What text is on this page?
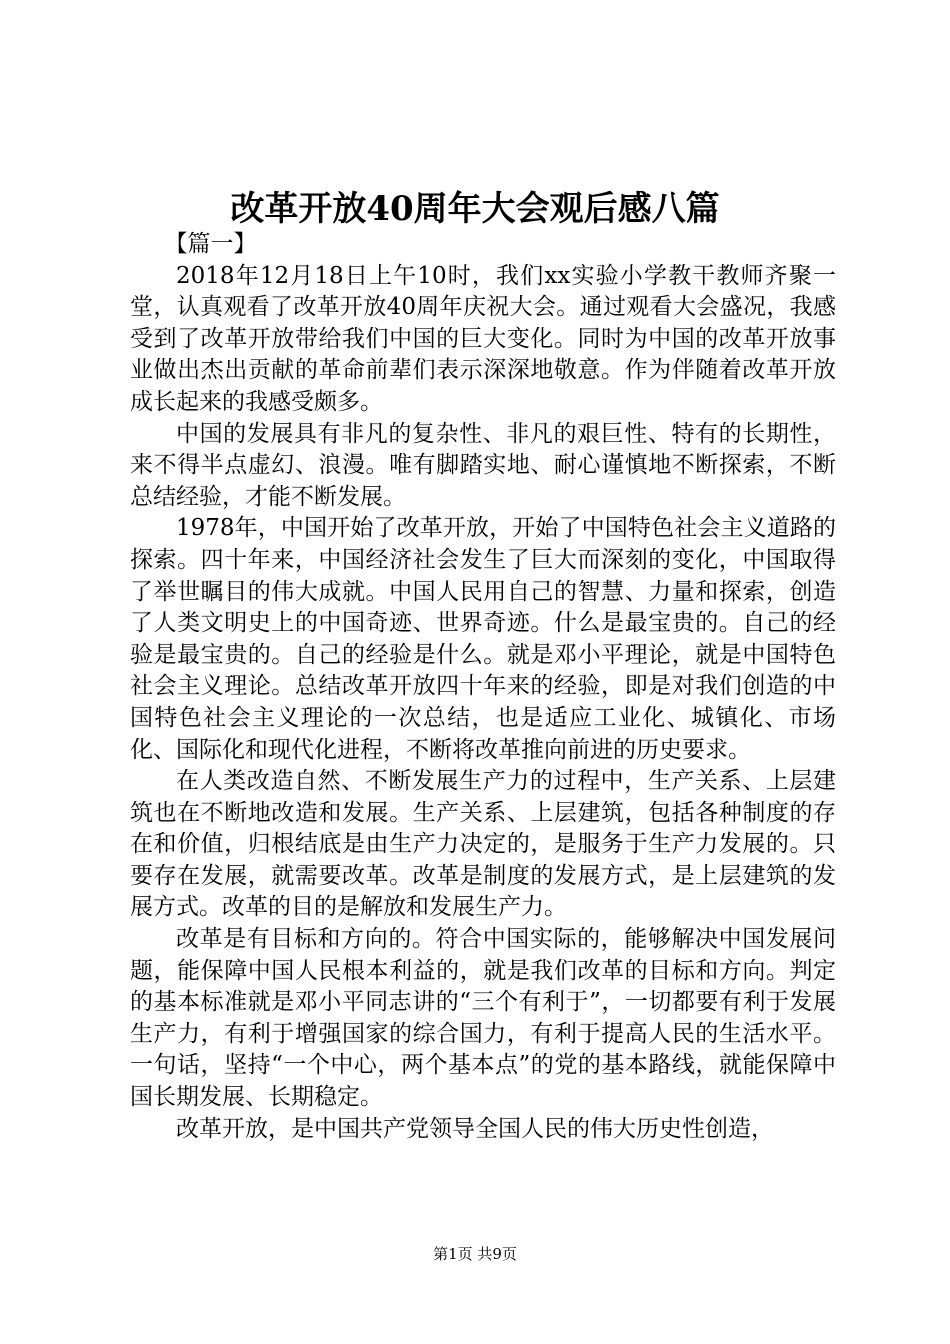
改革开放40周年大会观后感八篇

【篇一】

2018年12月18日上午10时，我们xx实验小学教干教师齐聚一堂，认真观看了改革开放40周年庆祝大会。通过观看大会盛况，我感受到了改革开放带给我们中国的巨大变化。同时为中国的改革开放事业做出杰出贡献的革命前辈们表示深深地敬意。作为伴随着改革开放成长起来的我感受颇多。

中国的发展具有非凡的复杂性、非凡的艰巨性、特有的长期性，来不得半点虚幻、浪漫。唯有脚踏实地、耐心谨慎地不断探索，不断总结经验，才能不断发展。

1978年，中国开始了改革开放，开始了中国特色社会主义道路的探索。四十年来，中国经济社会发生了巨大而深刻的变化，中国取得了举世瞩目的伟大成就。中国人民用自己的智慧、力量和探索，创造了人类文明史上的中国奇迹、世界奇迹。什么是最宝贵的。自己的经验是最宝贵的。自己的经验是什么。就是邓小平理论，就是中国特色社会主义理论。总结改革开放四十年来的经验，即是对我们创造的中国特色社会主义理论的一次总结，也是适应工业化、城镇化、市场化、国际化和现代化进程，不断将改革推向前进的历史要求。

在人类改造自然、不断发展生产力的过程中，生产关系、上层建筑也在不断地改造和发展。生产关系、上层建筑，包括各种制度的存在和价值，归根结底是由生产力决定的，是服务于生产力发展的。只要存在发展，就需要改革。改革是制度的发展方式，是上层建筑的发展方式。改革的目的是解放和发展生产力。

改革是有目标和方向的。符合中国实际的，能够解决中国发展问题，能保障中国人民根本利益的，就是我们改革的目标和方向。判定的基本标准就是邓小平同志讲的“三个有利于”，一切都要有利于发展生产力，有利于增强国家的综合国力，有利于提高人民的生活水平。一句话，坚持“一个中心，两个基本点”的党的基本路线，就能保障中国长期发展、长期稳定。

改革开放，是中国共产党领导全国人民的伟大历史性创造，

第1页 共9页
